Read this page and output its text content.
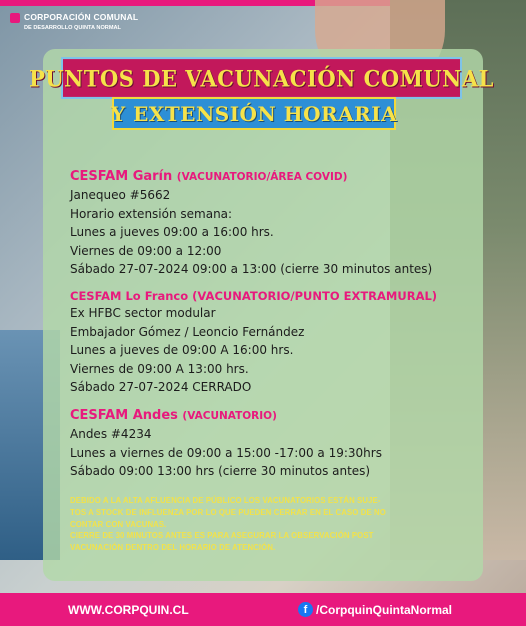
CORPORACIÓN COMUNAL
DE DESARROLLO QUINTA NORMAL
PUNTOS DE VACUNACIÓN COMUNAL
Y EXTENSIÓN HORARIA
CESFAM Garín (VACUNATORIO/ÁREA COVID)
Janequeo #5662
Horario extensión semana:
Lunes a jueves 09:00 a 16:00 hrs.
Viernes de 09:00 a 12:00
Sábado 27-07-2024 09:00 a 13:00 (cierre 30 minutos antes)
CESFAM Lo Franco (VACUNATORIO/PUNTO EXTRAMURAL)
Ex HFBC sector modular
Embajador Gómez / Leoncio Fernández
Lunes a jueves de 09:00 A 16:00 hrs.
Viernes de 09:00 A 13:00 hrs.
Sábado 27-07-2024 CERRADO
CESFAM Andes (VACUNATORIO)
Andes #4234
Lunes a viernes de 09:00 a 15:00 -17:00 a 19:30hrs
Sábado 09:00 13:00 hrs (cierre 30 minutos antes)
DEBIDO A LA ALTA AFLUENCIA DE PÚBLICO LOS VACUNATORIOS ESTÁN SUJE-
TOS A STOCK DE INFLUENZA POR LO QUE PUEDEN CERRAR EN EL CASO DE NO
CONTAR CON VACUNAS.
CIERRE DE 30 MINUTOS ANTES ES PARA ASEGURAR LA OBSERVACIÓN POST
VACUNACIÓN DENTRO DEL HORARIO DE ATENCIÓN.
WWW.CORPQUIN.CL	f /CorpquinQuintaNormal
